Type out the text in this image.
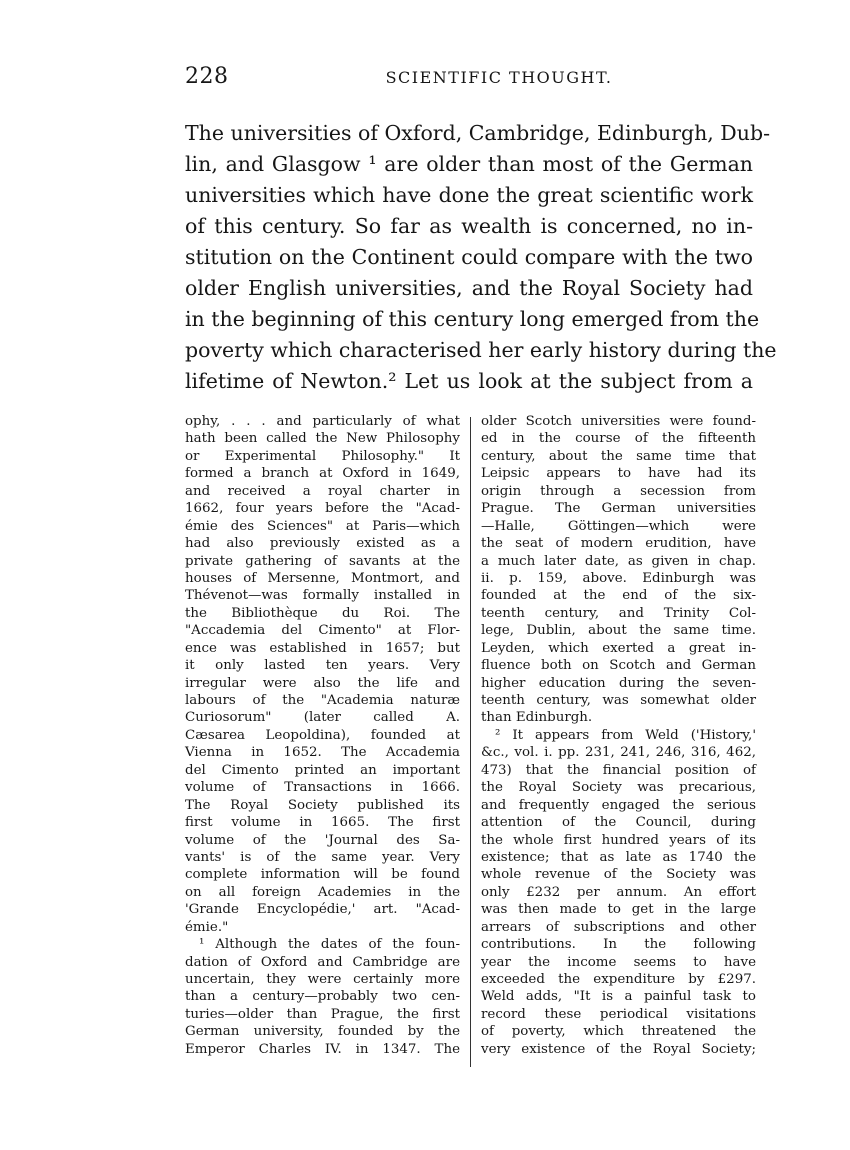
228	SCIENTIFIC THOUGHT.
The universities of Oxford, Cambridge, Edinburgh, Dub-
lin, and Glasgow ¹ are older than most of the German
universities which have done the great scientific work
of this century. So far as wealth is concerned, no in-
stitution on the Continent could compare with the two
older English universities, and the Royal Society had
in the beginning of this century long emerged from the
poverty which characterised her early history during the
lifetime of Newton.² Let us look at the subject from a
ophy, . . . and particularly of what
hath been called the New Philosophy
or Experimental Philosophy." It
formed a branch at Oxford in 1649,
and received a royal charter in
1662, four years before the "Acad-
émie des Sciences" at Paris—which
had also previously existed as a
private gathering of savants at the
houses of Mersenne, Montmort, and
Thévenot—was formally installed in
the Bibliothèque du Roi. The
"Accademia del Cimento" at Flor-
ence was established in 1657; but
it only lasted ten years. Very
irregular were also the life and
labours of the "Academia naturæ
Curiosorum" (later called A.
Cæsarea Leopoldina), founded at
Vienna in 1652. The Accademia
del Cimento printed an important
volume of Transactions in 1666.
The Royal Society published its
first volume in 1665. The first
volume of the 'Journal des Sa-
vants' is of the same year. Very
complete information will be found
on all foreign Academies in the
'Grande Encyclopédie,' art. "Acad-
émie."
¹ Although the dates of the foun-
dation of Oxford and Cambridge are
uncertain, they were certainly more
than a century—probably two cen-
turies—older than Prague, the first
German university, founded by the
Emperor Charles IV. in 1347. The
older Scotch universities were found-
ed in the course of the fifteenth
century, about the same time that
Leipsic appears to have had its
origin through a secession from
Prague. The German universities
—Halle, Göttingen—which were
the seat of modern erudition, have
a much later date, as given in chap.
ii. p. 159, above. Edinburgh was
founded at the end of the six-
teenth century, and Trinity Col-
lege, Dublin, about the same time.
Leyden, which exerted a great in-
fluence both on Scotch and German
higher education during the seven-
teenth century, was somewhat older
than Edinburgh.
² It appears from Weld ('History,'
&c., vol. i. pp. 231, 241, 246, 316, 462,
473) that the financial position of
the Royal Society was precarious,
and frequently engaged the serious
attention of the Council, during
the whole first hundred years of its
existence; that as late as 1740 the
whole revenue of the Society was
only £232 per annum. An effort
was then made to get in the large
arrears of subscriptions and other
contributions. In the following
year the income seems to have
exceeded the expenditure by £297.
Weld adds, "It is a painful task to
record these periodical visitations
of poverty, which threatened the
very existence of the Royal Society;
